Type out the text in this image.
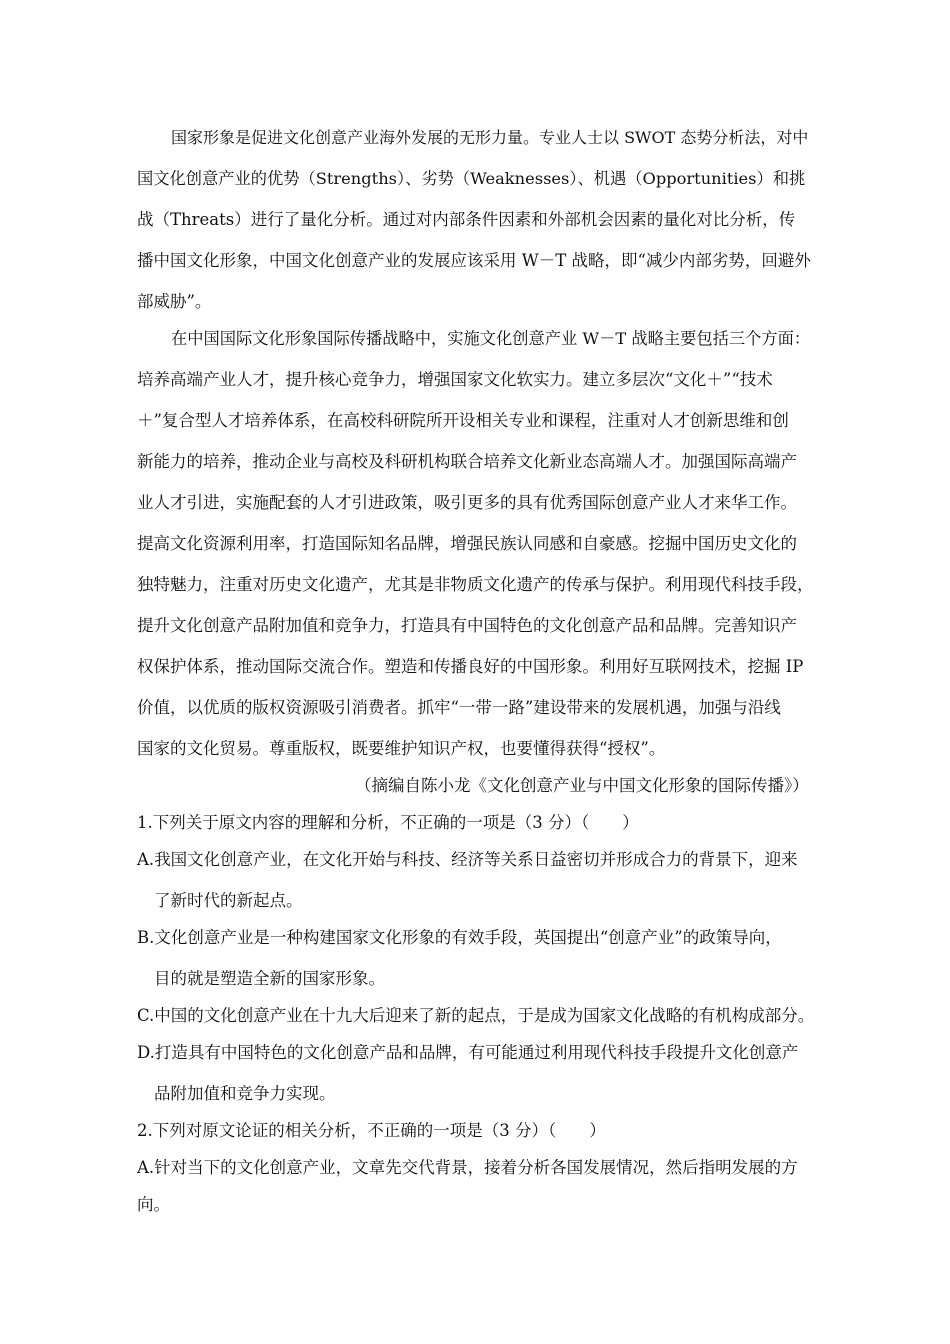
国家形象是促进文化创意产业海外发展的无形力量。专业人士以 SWOT 态势分析法，对中
国文化创意产业的优势（Strengths）、劣势（Weaknesses）、机遇（Opportunities）和挑
战（Threats）进行了量化分析。通过对内部条件因素和外部机会因素的量化对比分析，传
播中国文化形象，中国文化创意产业的发展应该采用 W－T 战略，即“减少内部劣势，回避外
部威胁”。
在中国国际文化形象国际传播战略中，实施文化创意产业 W－T 战略主要包括三个方面：
培养高端产业人才，提升核心竞争力，增强国家文化软实力。建立多层次“文化＋”“技术
＋”复合型人才培养体系，在高校科研院所开设相关专业和课程，注重对人才创新思维和创
新能力的培养，推动企业与高校及科研机构联合培养文化新业态高端人才。加强国际高端产
业人才引进，实施配套的人才引进政策，吸引更多的具有优秀国际创意产业人才来华工作。
提高文化资源利用率，打造国际知名品牌，增强民族认同感和自豪感。挖掘中国历史文化的
独特魅力，注重对历史文化遗产，尤其是非物质文化遗产的传承与保护。利用现代科技手段，
提升文化创意产品附加值和竞争力，打造具有中国特色的文化创意产品和品牌。完善知识产
权保护体系，推动国际交流合作。塑造和传播良好的中国形象。利用好互联网技术，挖掘 IP
价值，以优质的版权资源吸引消费者。抓牢“一带一路”建设带来的发展机遇，加强与沿线
国家的文化贸易。尊重版权，既要维护知识产权，也要懂得获得“授权”。
（摘编自陈小龙《文化创意产业与中国文化形象的国际传播》）
1.下列关于原文内容的理解和分析，不正确的一项是（3 分）（　　）
A.我国文化创意产业，在文化开始与科技、经济等关系日益密切并形成合力的背景下，迎来
了新时代的新起点。
B.文化创意产业是一种构建国家文化形象的有效手段，英国提出“创意产业”的政策导向，
目的就是塑造全新的国家形象。
C.中国的文化创意产业在十九大后迎来了新的起点，于是成为国家文化战略的有机构成部分。
D.打造具有中国特色的文化创意产品和品牌，有可能通过利用现代科技手段提升文化创意产
品附加值和竞争力实现。
2.下列对原文论证的相关分析，不正确的一项是（3 分）（　　）
A.针对当下的文化创意产业，文章先交代背景，接着分析各国发展情况，然后指明发展的方
向。
